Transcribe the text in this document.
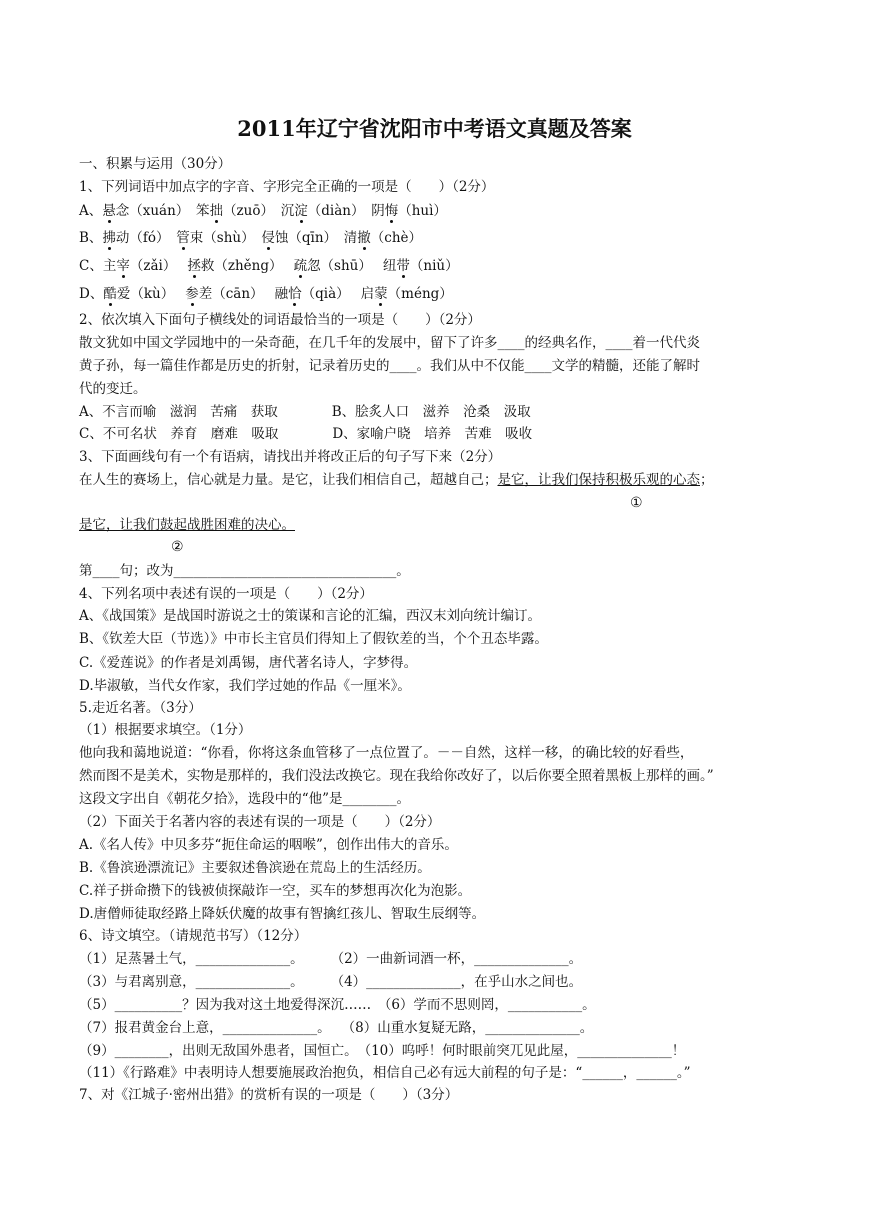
2011年辽宁省沈阳市中考语文真题及答案
一、积累与运用（30分）
1、下列词语中加点字的字音、字形完全正确的一项是（　　）（2分）
A、悬念（xuán）　笨拙（zuō）　沉淀（diàn）　阴悔（huì）
B、拂动（fó）　管束（shù）　侵蚀（qīn）　清撤（chè）
C、主宰（zǎi）　 拯救（zhěng）　 疏忽（shū）　 纽带（niǔ）
D、酷爱（kù）　 参差（cān）　 融恰（qià）　 启蒙（méng）
2、依次填入下面句子横线处的词语最恰当的一项是（　　）（2分）
散文犹如中国文学园地中的一朵奇葩，在几千年的发展中，留下了许多____的经典名作，____着一代代炎
黄子孙，每一篇佳作都是历史的折射，记录着历史的____。我们从中不仅能____文学的精髓，还能了解时
代的变迁。
A、不言而喻　滋润　苦痛　获取　　　　B、脍炙人口　滋养　沧桑　汲取
C、不可名状　养育　磨难　吸取　　　　D、家喻户晓　培养　苦难　吸收
3、下面画线句有一个有语病，请找出并将改正后的句子写下来（2分）
在人生的赛场上，信心就是力量。是它，让我们相信自己，超越自己；是它，让我们保持积极乐观的心态；
①
是它，让我们鼓起战胜困难的决心。
②
第____句；改为_________________________________。
4、下列名项中表述有误的一项是（　　）（2分）
A、《战国策》是战国时游说之士的策谋和言论的汇编，西汉末刘向统计编订。
B、《钦差大臣（节选）》中市长主官员们得知上了假钦差的当，个个丑态毕露。
C.《爱莲说》的作者是刘禹锡，唐代著名诗人，字梦得。
D.毕淑敏，当代女作家，我们学过她的作品《一厘米》。
5.走近名著。（3分）
（1）根据要求填空。（1分）
他向我和蔼地说道：“你看，你将这条血管移了一点位置了。－－自然，这样一移，的确比较的好看些，
然而图不是美术，实物是那样的，我们没法改换它。现在我给你改好了，以后你要全照着黑板上那样的画。”
这段文字出自《朝花夕拾》，选段中的“他”是________。
（2）下面关于名著内容的表述有误的一项是（　　）（2分）
A.《名人传》中贝多芬“扼住命运的咽喉”，创作出伟大的音乐。
B.《鲁滨逊漂流记》主要叙述鲁滨逊在荒岛上的生活经历。
C.祥子拼命攒下的钱被侦探敲诈一空，买车的梦想再次化为泡影。
D.唐僧师徒取经路上降妖伏魔的故事有智擒红孩儿、智取生辰纲等。
6、诗文填空。（请规范书写）（12分）
（1）足蒸暑土气，______________。　　　（2）一曲新词酒一杯，______________。
（3）与君离别意，______________。　　　（4）______________，在乎山水之间也。
（5）__________？因为我对这土地爱得深沉……　（6）学而不思则罔，___________。
（7）报君黄金台上意，______________。　 （8）山重水复疑无路，______________。
（9）________，出则无敌国外患者，国恒亡。　（10）呜呼！何时眼前突兀见此屋，______________！
（11）《行路难》中表明诗人想要施展政治抱负，相信自己必有远大前程的句子是：“______，______。”
7、对《江城子·密州出猎》的赏析有误的一项是（　　）（3分）
